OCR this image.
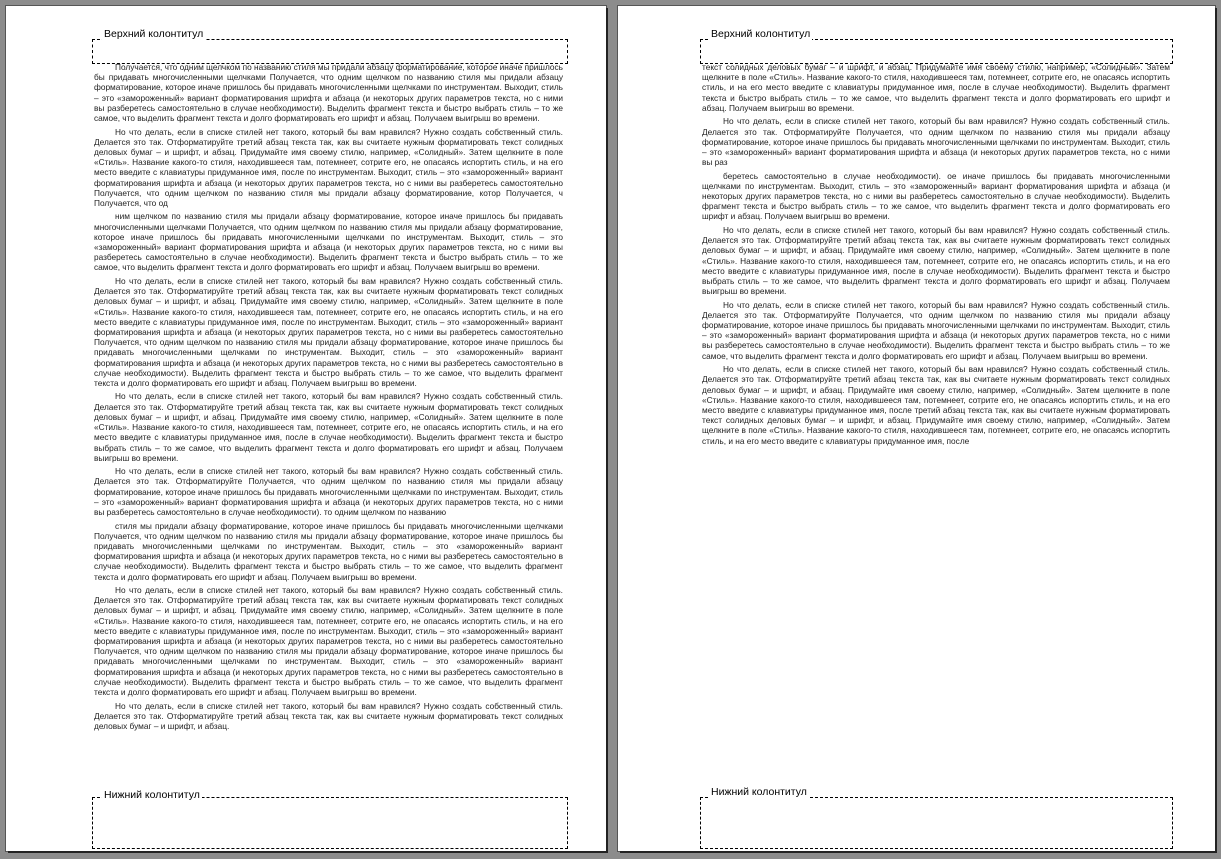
Верхний колонтитул

Получается, что одним щелчком по названию стиля мы придали абзацу форматирование, которое иначе пришлось бы придавать многочисленными щелчками Получается, что одним щелчком по названию стиля мы придали абзацу форматирование, которое иначе пришлось бы придавать многочисленными щелчками по инструментам. Выходит, стиль – это «замороженный» вариант форматирования шрифта и абзаца (и некоторых других параметров текста, но с ними вы разберетесь самостоятельно в случае необходимости). Выделить фрагмент текста и быстро выбрать стиль – то же самое, что выделить фрагмент текста и долго форматировать его шрифт и абзац. Получаем выигрыш во времени.

Но что делать, если в списке стилей нет такого, который бы вам нравился? Нужно создать собственный стиль. Делается это так. Отформатируйте третий абзац текста так, как вы считаете нужным форматировать текст солидных деловых бумаг – и шрифт, и абзац. Придумайте имя своему стилю, например, «Солидный». Затем щелкните в поле «Стиль». Название какого-то стиля, находившееся там, потемнеет, сотрите его, не опасаясь испортить стиль, и на его место введите с клавиатуры придуманное имя, после по инструментам. Выходит, стиль – это «замороженный» вариант форматирования шрифта и абзаца (и некоторых других параметров текста, но с ними вы разберетесь самостоятельно Получается, что одним щелчком по названию стиля мы придали абзацу форматирование, котор Получается, ч Получается, что од

ним щелчком по названию стиля мы придали абзацу форматирование, которое иначе пришлось бы придавать многочисленными щелчками Получается, что одним щелчком по названию стиля мы придали абзацу форматирование, которое иначе пришлось бы придавать многочисленными щелчками по инструментам. Выходит, стиль – это «замороженный» вариант форматирования шрифта и абзаца (и некоторых других параметров текста, но с ними вы разберетесь самостоятельно в случае необходимости). Выделить фрагмент текста и быстро выбрать стиль – то же самое, что выделить фрагмент текста и долго форматировать его шрифт и абзац. Получаем выигрыш во времени.

Но что делать, если в списке стилей нет такого, который бы вам нравился? Нужно создать собственный стиль. Делается это так. Отформатируйте третий абзац текста так, как вы считаете нужным форматировать текст солидных деловых бумаг – и шрифт, и абзац. Придумайте имя своему стилю, например, «Солидный». Затем щелкните в поле «Стиль». Название какого-то стиля, находившееся там, потемнеет, сотрите его, не опасаясь испортить стиль, и на его место введите с клавиатуры придуманное имя, после по инструментам. Выходит, стиль – это «замороженный» вариант форматирования шрифта и абзаца (и некоторых других параметров текста, но с ними вы разберетесь самостоятельно Получается, что одним щелчком по названию стиля мы придали абзацу форматирование, которое иначе пришлось бы придавать многочисленными щелчками по инструментам. Выходит, стиль – это «замороженный» вариант форматирования шрифта и абзаца (и некоторых других параметров текста, но с ними вы разберетесь самостоятельно в случае необходимости). Выделить фрагмент текста и быстро выбрать стиль – то же самое, что выделить фрагмент текста и долго форматировать его шрифт и абзац. Получаем выигрыш во времени.

Но что делать, если в списке стилей нет такого, который бы вам нравился? Нужно создать собственный стиль. Делается это так. Отформатируйте третий абзац текста так, как вы считаете нужным форматировать текст солидных деловых бумаг – и шрифт, и абзац. Придумайте имя своему стилю, например, «Солидный». Затем щелкните в поле «Стиль». Название какого-то стиля, находившееся там, потемнеет, сотрите его, не опасаясь испортить стиль, и на его место введите с клавиатуры придуманное имя, после в случае необходимости). Выделить фрагмент текста и быстро выбрать стиль – то же самое, что выделить фрагмент текста и долго форматировать его шрифт и абзац. Получаем выигрыш во времени.

Но что делать, если в списке стилей нет такого, который бы вам нравился? Нужно создать собственный стиль. Делается это так. Отформатируйте Получается, что одним щелчком по названию стиля мы придали абзацу форматирование, которое иначе пришлось бы придавать многочисленными щелчками по инструментам. Выходит, стиль – это «замороженный» вариант форматирования шрифта и абзаца (и некоторых других параметров текста, но с ними вы разберетесь самостоятельно в случае необходимости). то одним щелчком по названию

стиля мы придали абзацу форматирование, которое иначе пришлось бы придавать многочисленными щелчками Получается, что одним щелчком по названию стиля мы придали абзацу форматирование, которое иначе пришлось бы придавать многочисленными щелчками по инструментам. Выходит, стиль – это «замороженный» вариант форматирования шрифта и абзаца (и некоторых других параметров текста, но с ними вы разберетесь самостоятельно в случае необходимости). Выделить фрагмент текста и быстро выбрать стиль – то же самое, что выделить фрагмент текста и долго форматировать его шрифт и абзац. Получаем выигрыш во времени.

Но что делать, если в списке стилей нет такого, который бы вам нравился? Нужно создать собственный стиль. Делается это так. Отформатируйте третий абзац текста так, как вы считаете нужным форматировать текст солидных деловых бумаг – и шрифт, и абзац. Придумайте имя своему стилю, например, «Солидный». Затем щелкните в поле «Стиль». Название какого-то стиля, находившееся там, потемнеет, сотрите его, не опасаясь испортить стиль, и на его место введите с клавиатуры придуманное имя, после по инструментам. Выходит, стиль – это «замороженный» вариант форматирования шрифта и абзаца (и некоторых других параметров текста, но с ними вы разберетесь самостоятельно Получается, что одним щелчком по названию стиля мы придали абзацу форматирование, которое иначе пришлось бы придавать многочисленными щелчками по инструментам. Выходит, стиль – это «замороженный» вариант форматирования шрифта и абзаца (и некоторых других параметров текста, но с ними вы разберетесь самостоятельно в случае необходимости). Выделить фрагмент текста и быстро выбрать стиль – то же самое, что выделить фрагмент текста и долго форматировать его шрифт и абзац. Получаем выигрыш во времени.

Но что делать, если в списке стилей нет такого, который бы вам нравился? Нужно создать собственный стиль. Делается это так. Отформатируйте третий абзац текста так, как вы считаете нужным форматировать текст солидных деловых бумаг – и шрифт, и абзац.

Нижний колонтитул
Верхний колонтитул

текст солидных деловых бумаг – и шрифт, и абзац. Придумайте имя своему стилю, например, «Солидный». Затем щелкните в поле «Стиль». Название какого-то стиля, находившееся там, потемнеет, сотрите его, не опасаясь испортить стиль, и на его место введите с клавиатуры придуманное имя, после в случае необходимости). Выделить фрагмент текста и быстро выбрать стиль – то же самое, что выделить фрагмент текста и долго форматировать его шрифт и абзац. Получаем выигрыш во времени.

Но что делать, если в списке стилей нет такого, который бы вам нравился? Нужно создать собственный стиль. Делается это так. Отформатируйте Получается, что одним щелчком по названию стиля мы придали абзацу форматирование, которое иначе пришлось бы придавать многочисленными щелчками по инструментам. Выходит, стиль – это «замороженный» вариант форматирования шрифта и абзаца (и некоторых других параметров текста, но с ними вы раз

беретесь самостоятельно в случае необходимости). ое иначе пришлось бы придавать многочисленными щелчками по инструментам. Выходит, стиль – это «замороженный» вариант форматирования шрифта и абзаца (и некоторых других параметров текста, но с ними вы разберетесь самостоятельно в случае необходимости). Выделить фрагмент текста и быстро выбрать стиль – то же самое, что выделить фрагмент текста и долго форматировать его шрифт и абзац. Получаем выигрыш во времени.

Но что делать, если в списке стилей нет такого, который бы вам нравился? Нужно создать собственный стиль. Делается это так. Отформатируйте третий абзац текста так, как вы считаете нужным форматировать текст солидных деловых бумаг – и шрифт, и абзац. Придумайте имя своему стилю, например, «Солидный». Затем щелкните в поле «Стиль». Название какого-то стиля, находившееся там, потемнеет, сотрите его, не опасаясь испортить стиль, и на его место введите с клавиатуры придуманное имя, после в случае необходимости). Выделить фрагмент текста и быстро выбрать стиль – то же самое, что выделить фрагмент текста и долго форматировать его шрифт и абзац. Получаем выигрыш во времени.

Но что делать, если в списке стилей нет такого, который бы вам нравился? Нужно создать собственный стиль. Делается это так. Отформатируйте Получается, что одним щелчком по названию стиля мы придали абзацу форматирование, которое иначе пришлось бы придавать многочисленными щелчками по инструментам. Выходит, стиль – это «замороженный» вариант форматирования шрифта и абзаца (и некоторых других параметров текста, но с ними вы разберетесь самостоятельно в случае необходимости). Выделить фрагмент текста и быстро выбрать стиль – то же самое, что выделить фрагмент текста и долго форматировать его шрифт и абзац. Получаем выигрыш во времени.

Но что делать, если в списке стилей нет такого, который бы вам нравился? Нужно создать собственный стиль. Делается это так. Отформатируйте третий абзац текста так, как вы считаете нужным форматировать текст солидных деловых бумаг – и шрифт, и абзац. Придумайте имя своему стилю, например, «Солидный». Затем щелкните в поле «Стиль». Название какого-то стиля, находившееся там, потемнеет, сотрите его, не опасаясь испортить стиль, и на его место введите с клавиатуры придуманное имя, после третий абзац текста так, как вы считаете нужным форматировать текст солидных деловых бумаг – и шрифт, и абзац. Придумайте имя своему стилю, например, «Солидный». Затем щелкните в поле «Стиль». Название какого-то стиля, находившееся там, потемнеет, сотрите его, не опасаясь испортить стиль, и на его место введите с клавиатуры придуманное имя, после

Нижний колонтитул
